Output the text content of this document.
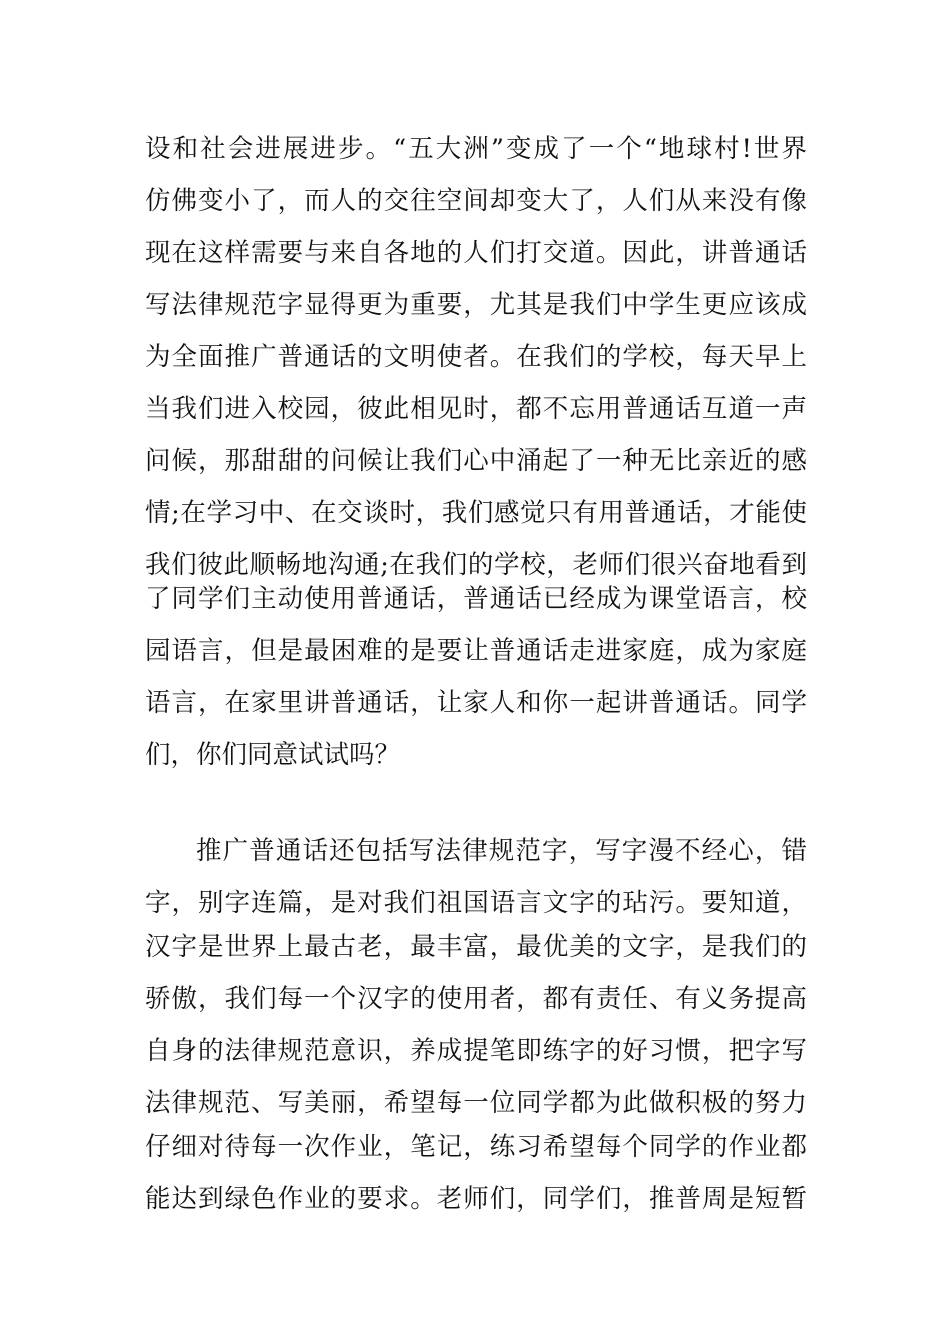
设和社会进展进步。“五大洲”变成了一个“地球村!世界
仿佛变小了，而人的交往空间却变大了，人们从来没有像
现在这样需要与来自各地的人们打交道。因此，讲普通话
写法律规范字显得更为重要，尤其是我们中学生更应该成
为全面推广普通话的文明使者。在我们的学校，每天早上
当我们进入校园，彼此相见时，都不忘用普通话互道一声
问候，那甜甜的问候让我们心中涌起了一种无比亲近的感
情;在学习中、在交谈时，我们感觉只有用普通话，才能使
我们彼此顺畅地沟通;在我们的学校，老师们很兴奋地看到
了同学们主动使用普通话，普通话已经成为课堂语言，校
园语言，但是最困难的是要让普通话走进家庭，成为家庭
语言，在家里讲普通话，让家人和你一起讲普通话。同学
们，你们同意试试吗？
推广普通话还包括写法律规范字，写字漫不经心，错
字，别字连篇，是对我们祖国语言文字的玷污。要知道，
汉字是世界上最古老，最丰富，最优美的文字，是我们的
骄傲，我们每一个汉字的使用者，都有责任、有义务提高
自身的法律规范意识，养成提笔即练字的好习惯，把字写
法律规范、写美丽，希望每一位同学都为此做积极的努力
仔细对待每一次作业，笔记，练习希望每个同学的作业都
能达到绿色作业的要求。老师们，同学们，推普周是短暂
